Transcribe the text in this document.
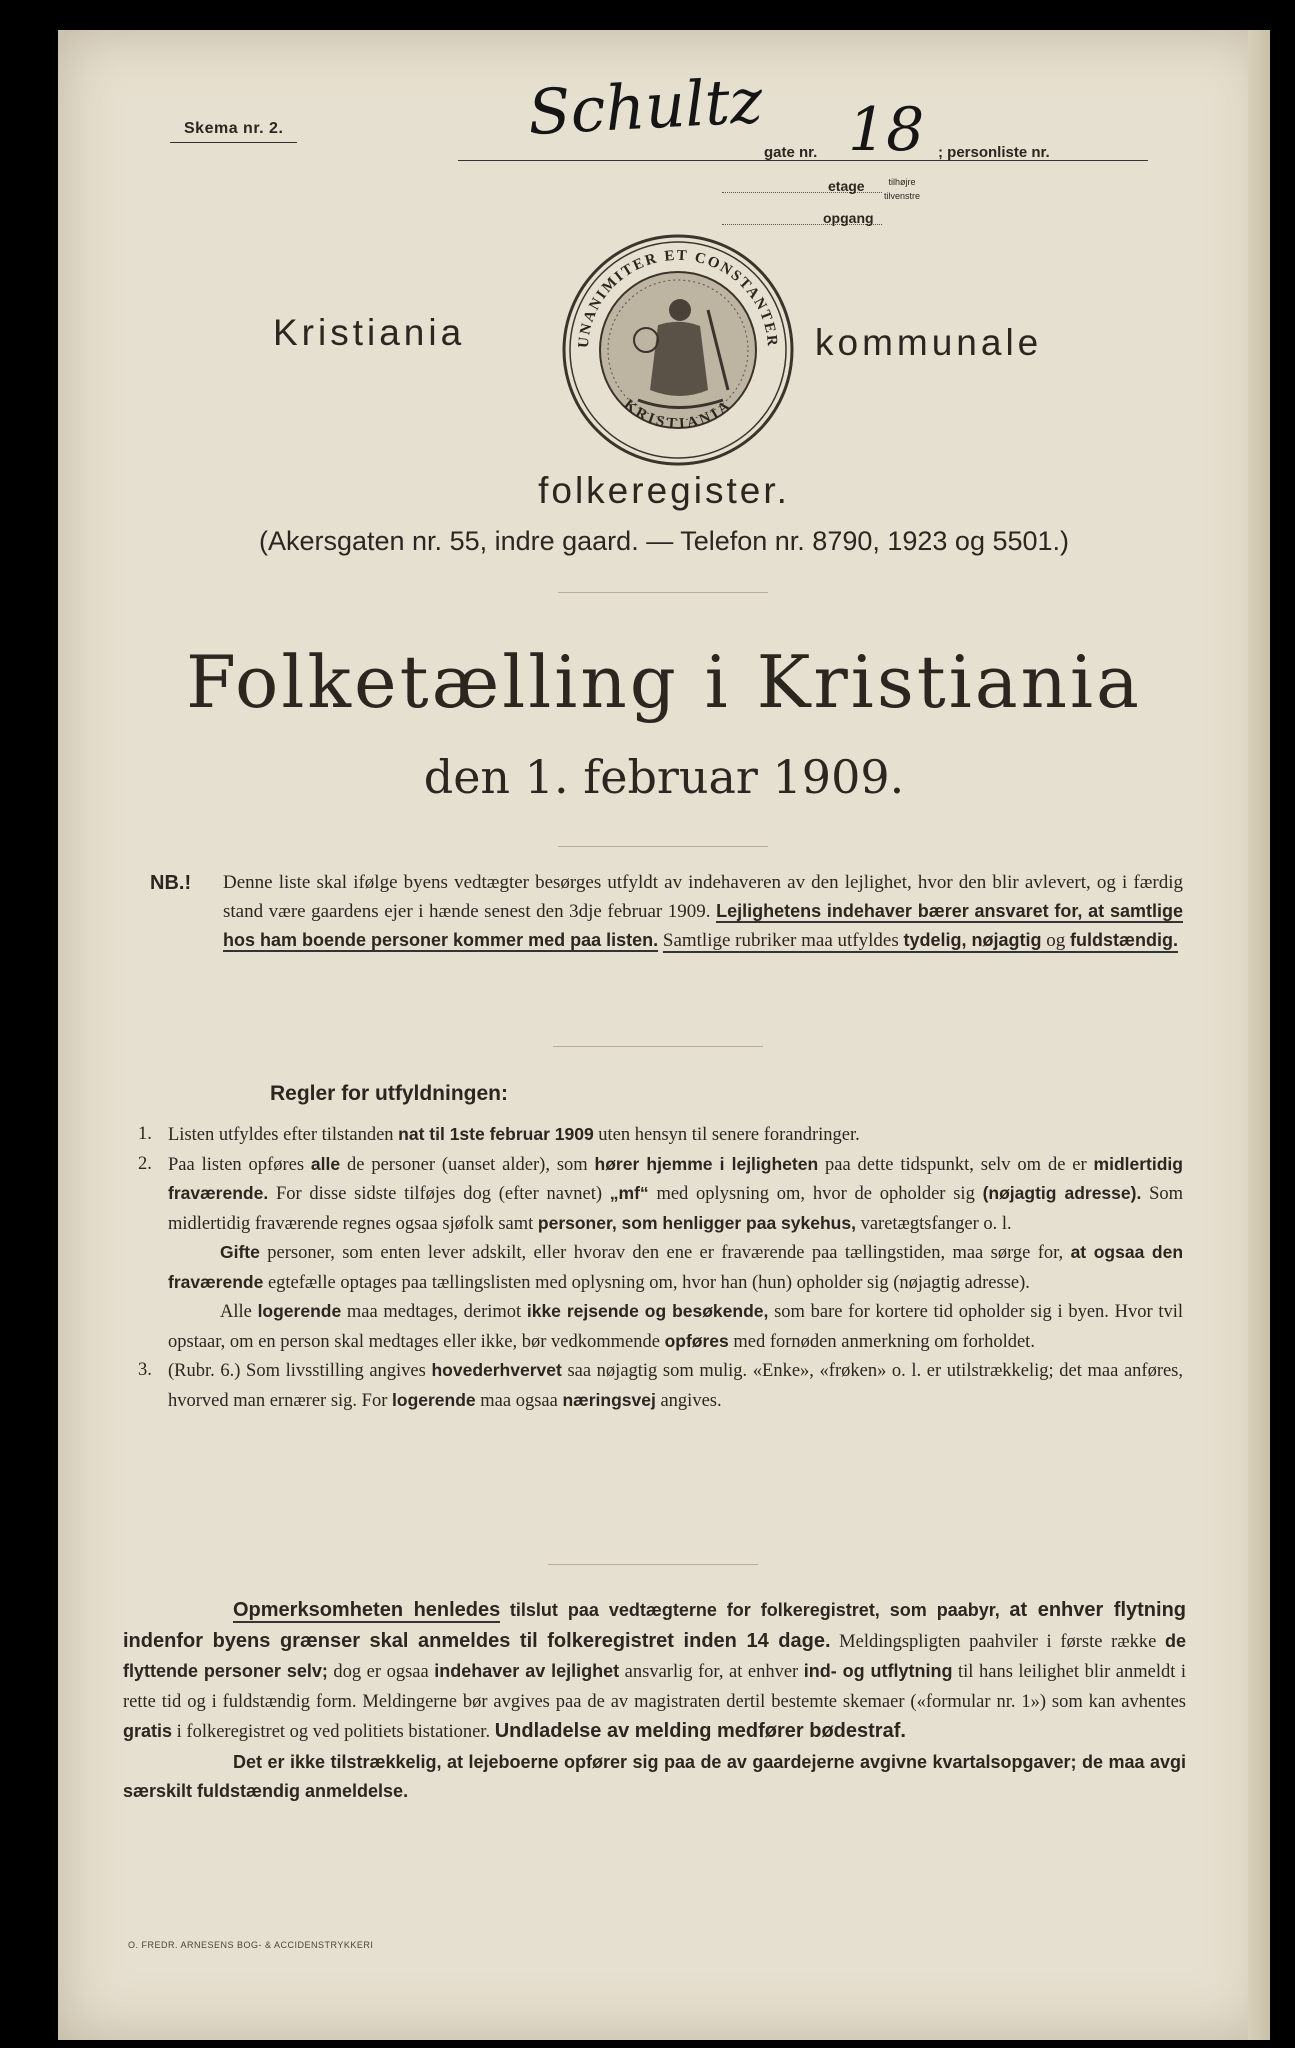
Skema nr. 2.	Schultz
gate nr. 18 ; personliste nr.
etage	tilhøjre
tilvenstre
opgang
Kristiania	kommunale
UNANIMITER ET CONSTANTER
KRISTIANIA
folkeregister.
(Akersgaten nr. 55, indre gaard. — Telefon nr. 8790, 1923 og 5501.)
Folketælling i Kristiania
den 1. februar 1909.
NB.! Denne liste skal ifølge byens vedtægter besørges utfyldt av indehaveren av den lejlighet, hvor den blir avlevert, og i færdig stand være gaardens ejer i hænde senest den 3dje februar 1909. Lejlighetens indehaver bærer ansvaret for, at samtlige hos ham boende personer kommer med paa listen. Samtlige rubriker maa utfyldes tydelig, nøjagtig og fuldstændig.
Regler for utfyldningen:
1. Listen utfyldes efter tilstanden nat til 1ste februar 1909 uten hensyn til senere forandringer.
2. Paa listen opføres alle de personer (uanset alder), som hører hjemme i lejligheten paa dette tidspunkt, selv om de er midlertidig fraværende. For disse sidste tilføjes dog (efter navnet) „mf“ med oplysning om, hvor de opholder sig (nøjagtig adresse). Som midlertidig fraværende regnes ogsaa sjøfolk samt personer, som henligger paa sykehus, varetægtsfanger o. l.
Gifte personer, som enten lever adskilt, eller hvorav den ene er fraværende paa tællingstiden, maa sørge for, at ogsaa den fraværende egtefælle optages paa tællingslisten med oplysning om, hvor han (hun) opholder sig (nøjagtig adresse).
Alle logerende maa medtages, derimot ikke rejsende og besøkende, som bare for kortere tid opholder sig i byen. Hvor tvil opstaar, om en person skal medtages eller ikke, bør vedkommende opføres med fornøden anmerkning om forholdet.
3. (Rubr. 6.) Som livsstilling angives hovederhvervet saa nøjagtig som mulig. «Enke», «frøken» o. l. er utilstrækkelig; det maa anføres, hvorved man ernærer sig. For logerende maa ogsaa næringsvej angives.
Opmerksomheten henledes tilslut paa vedtægterne for folkeregistret, som paabyr, at enhver flytning indenfor byens grænser skal anmeldes til folkeregistret inden 14 dage. Meldingspligten paahviler i første række de flyttende personer selv; dog er ogsaa indehaver av lejlighet ansvarlig for, at enhver ind- og utflytning til hans leilighet blir anmeldt i rette tid og i fuldstændig form. Meldingerne bør avgives paa de av magistraten dertil bestemte skemaer («formular nr. 1») som kan avhentes gratis i folkeregistret og ved politiets bistationer. Undladelse av melding medfører bødestraf.
Det er ikke tilstrækkelig, at lejeboerne opfører sig paa de av gaardejerne avgivne kvartalsopgaver; de maa avgi særskilt fuldstændig anmeldelse.
O. FREDR. ARNESENS BOG- & ACCIDENSTRYKKERI
